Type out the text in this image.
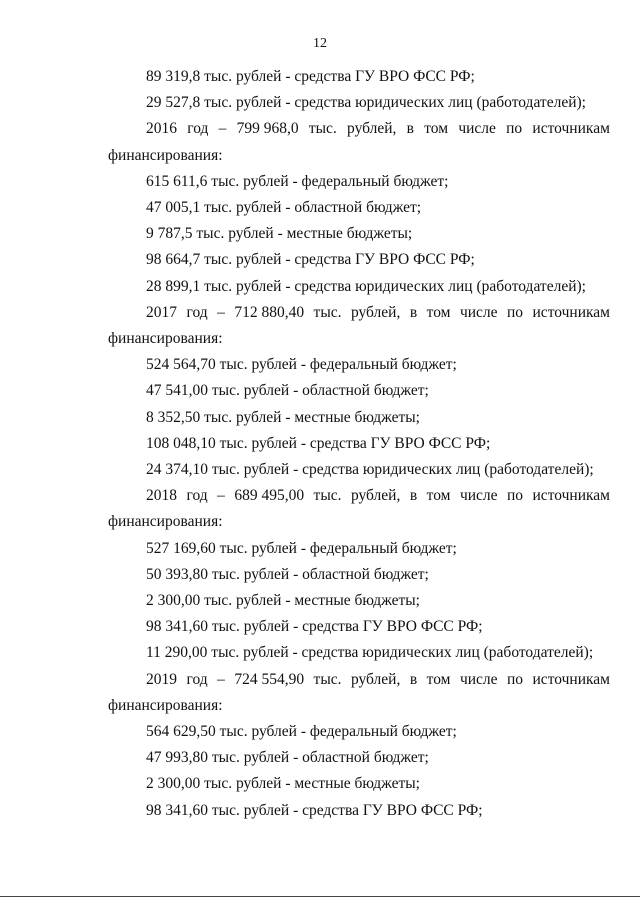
12
89 319,8 тыс. рублей - средства ГУ ВРО ФСС РФ;
29 527,8 тыс. рублей - средства юридических лиц (работодателей);
2016 год – 799 968,0 тыс. рублей, в том числе по источникам
финансирования:
615 611,6 тыс. рублей - федеральный бюджет;
47 005,1 тыс. рублей - областной бюджет;
9 787,5 тыс. рублей - местные бюджеты;
98 664,7 тыс. рублей - средства ГУ ВРО ФСС РФ;
28 899,1 тыс. рублей - средства юридических лиц (работодателей);
2017 год – 712 880,40 тыс. рублей, в том числе по источникам
финансирования:
524 564,70 тыс. рублей - федеральный бюджет;
47 541,00 тыс. рублей - областной бюджет;
8 352,50 тыс. рублей - местные бюджеты;
108 048,10 тыс. рублей - средства ГУ ВРО ФСС РФ;
24 374,10 тыс. рублей - средства юридических лиц (работодателей);
2018 год – 689 495,00 тыс. рублей, в том числе по источникам
финансирования:
527 169,60 тыс. рублей - федеральный бюджет;
50 393,80 тыс. рублей - областной бюджет;
2 300,00 тыс. рублей - местные бюджеты;
98 341,60 тыс. рублей - средства ГУ ВРО ФСС РФ;
11 290,00 тыс. рублей - средства юридических лиц (работодателей);
2019 год – 724 554,90 тыс. рублей, в том числе по источникам
финансирования:
564 629,50 тыс. рублей - федеральный бюджет;
47 993,80 тыс. рублей - областной бюджет;
2 300,00 тыс. рублей - местные бюджеты;
98 341,60 тыс. рублей - средства ГУ ВРО ФСС РФ;
